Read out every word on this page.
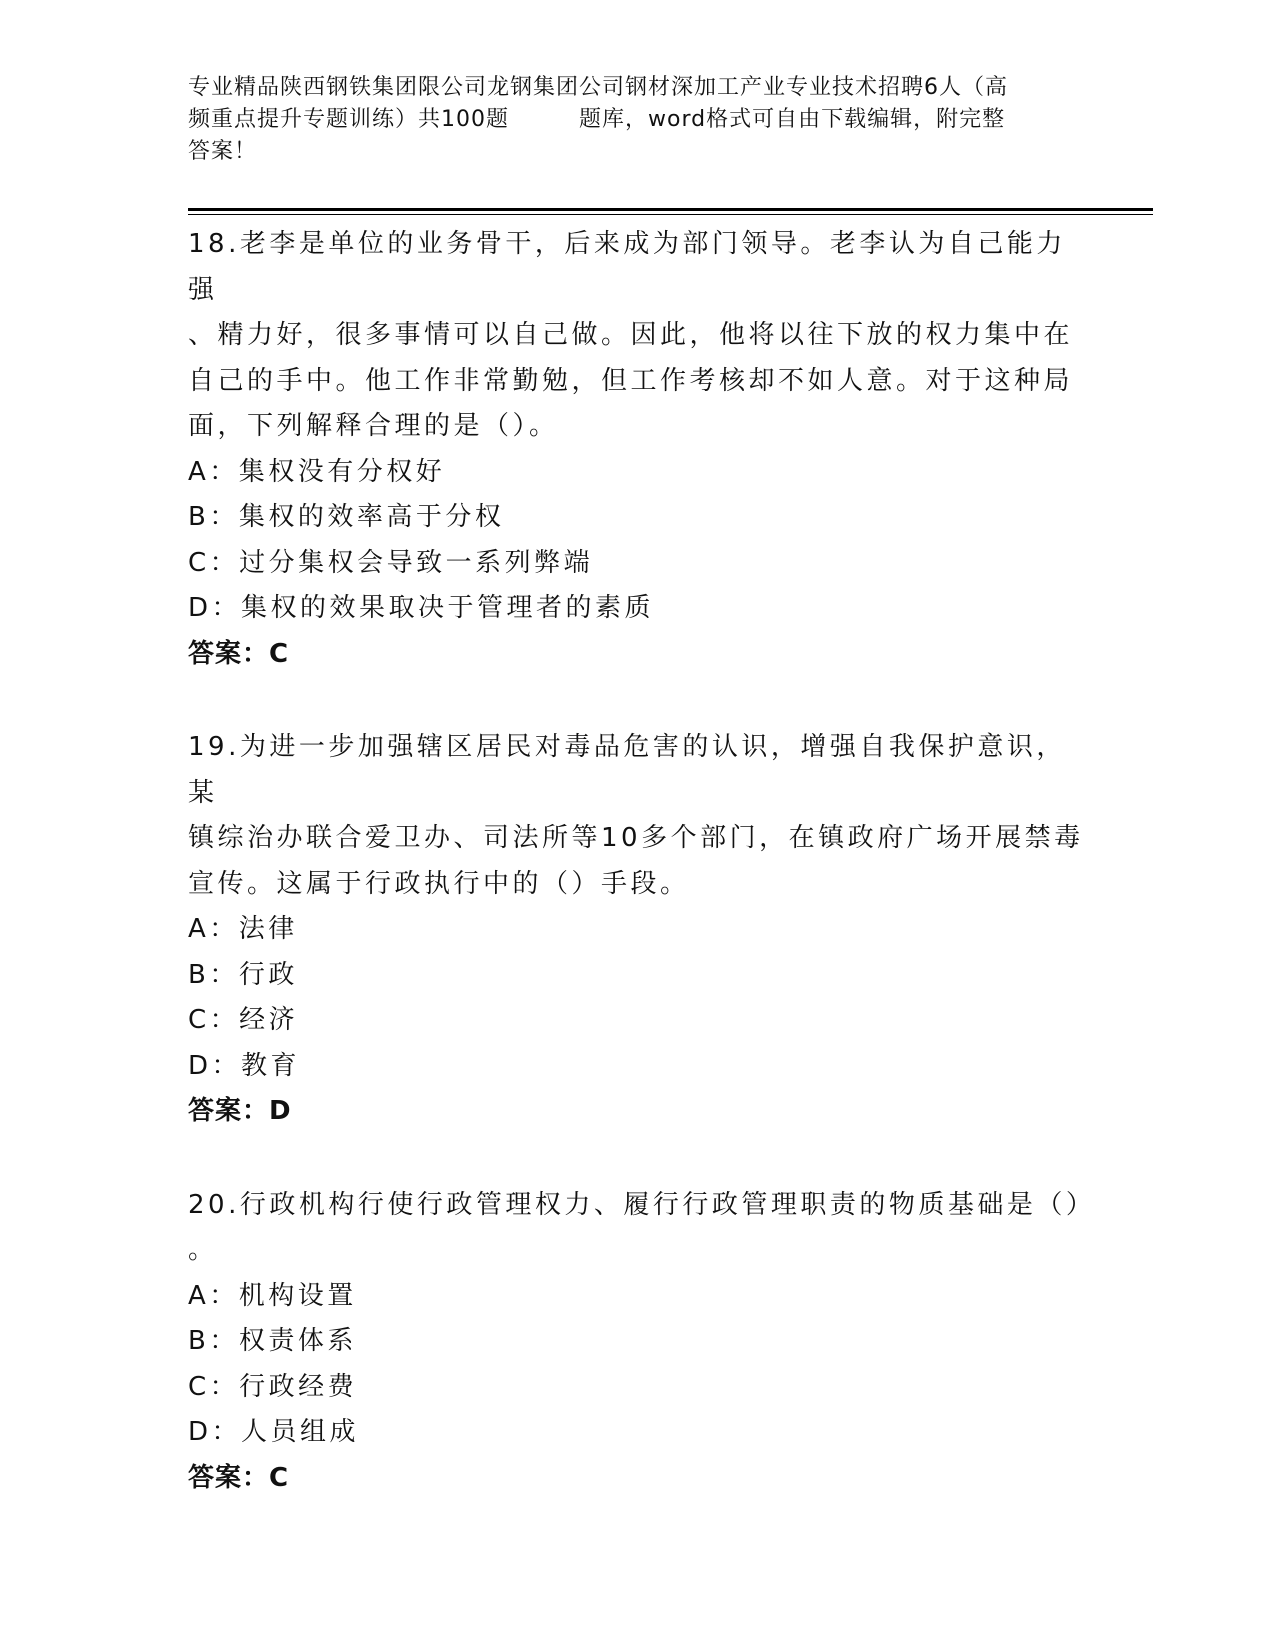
专业精品陕西钢铁集团限公司龙钢集团公司钢材深加工产业专业技术招聘6人（高
频重点提升专题训练）共100题	题库，word格式可自由下载编辑，附完整
答案！

18.老李是单位的业务骨干，后来成为部门领导。老李认为自己能力强

、精力好，很多事情可以自己做。因此，他将以往下放的权力集中在

自己的手中。他工作非常勤勉，但工作考核却不如人意。对于这种局

面，下列解释合理的是（）。

A：集权没有分权好

B：集权的效率高于分权

C：过分集权会导致一系列弊端

D：集权的效果取决于管理者的素质

答案：C

19.为进一步加强辖区居民对毒品危害的认识，增强自我保护意识，某

镇综治办联合爱卫办、司法所等10多个部门，在镇政府广场开展禁毒

宣传。这属于行政执行中的（）手段。

A：法律

B：行政

C：经济

D：教育

答案：D

20.行政机构行使行政管理权力、履行行政管理职责的物质基础是（）

。

A：机构设置

B：权责体系

C：行政经费

D：人员组成

答案：C
